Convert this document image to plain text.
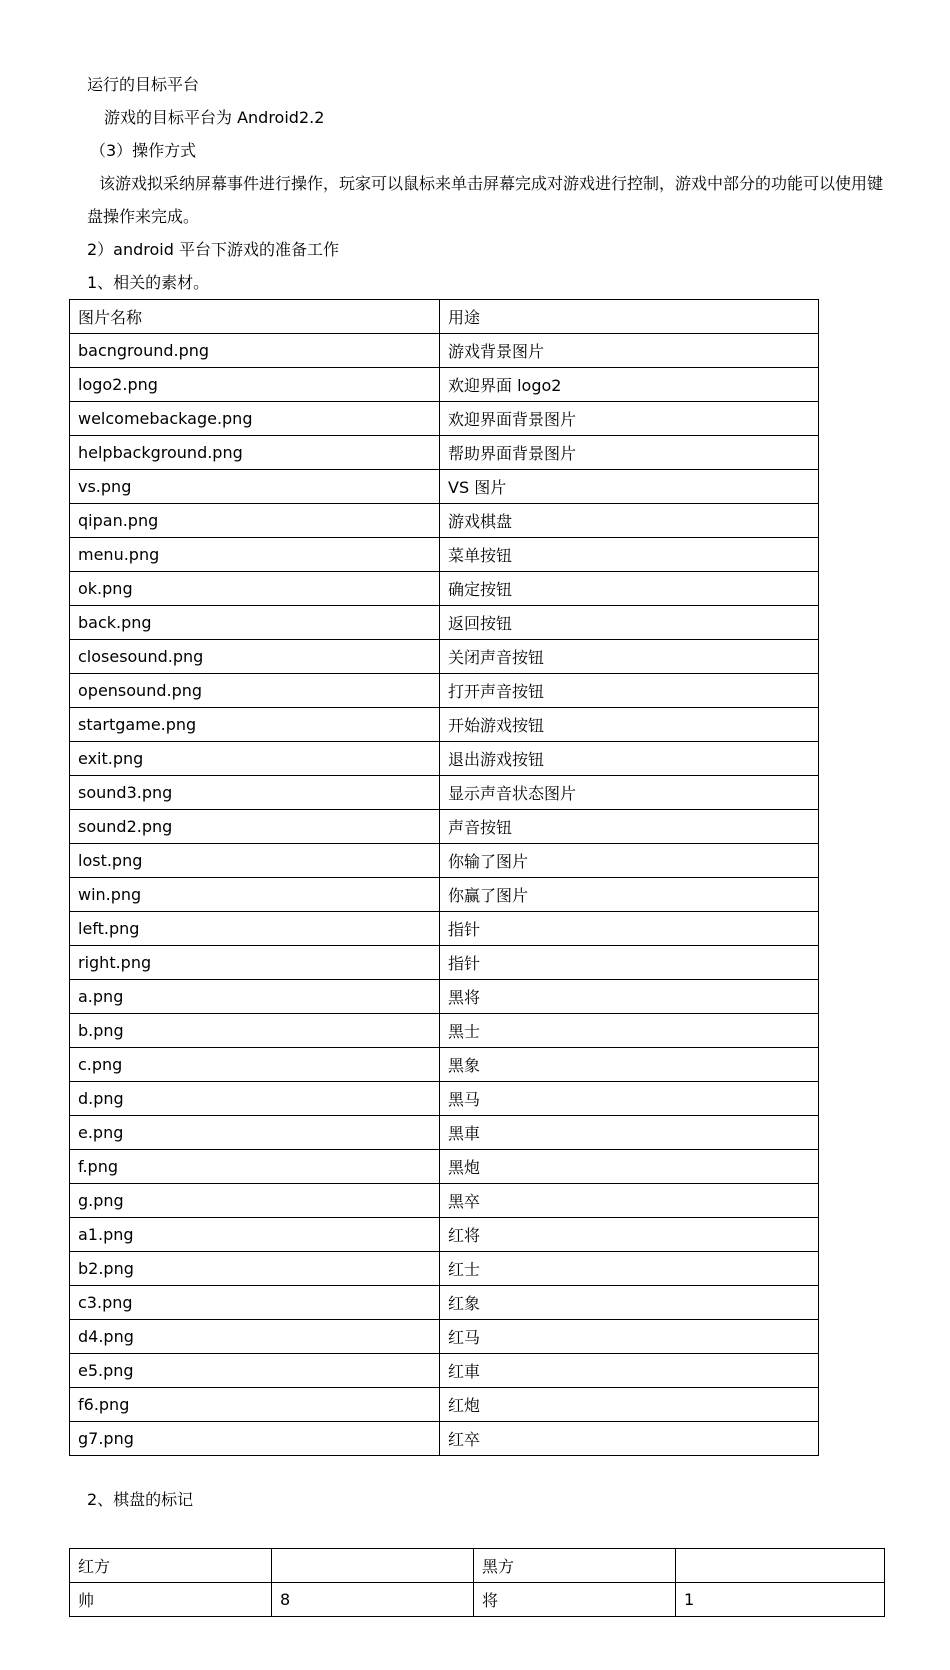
运行的目标平台
游戏的目标平台为 Android2.2
（3）操作方式
该游戏拟采纳屏幕事件进行操作，玩家可以鼠标来单击屏幕完成对游戏进行控制，游戏中部分的功能可以使用键盘操作来完成。
2）android 平台下游戏的准备工作
1、相关的素材。
图片名称	用途
bacnground.png	游戏背景图片
logo2.png	欢迎界面 logo2
welcomebackage.png	欢迎界面背景图片
helpbackground.png	帮助界面背景图片
vs.png	VS 图片
qipan.png	游戏棋盘
menu.png	菜单按钮
ok.png	确定按钮
back.png	返回按钮
closesound.png	关闭声音按钮
opensound.png	打开声音按钮
startgame.png	开始游戏按钮
exit.png	退出游戏按钮
sound3.png	显示声音状态图片
sound2.png	声音按钮
lost.png	你输了图片
win.png	你赢了图片
left.png	指针
right.png	指针
a.png	黑将
b.png	黑士
c.png	黑象
d.png	黑马
e.png	黑車
f.png	黑炮
g.png	黑卒
a1.png	红将
b2.png	红士
c3.png	红象
d4.png	红马
e5.png	红車
f6.png	红炮
g7.png	红卒
2、棋盘的标记
红方		黑方	
帅	8	将	1
